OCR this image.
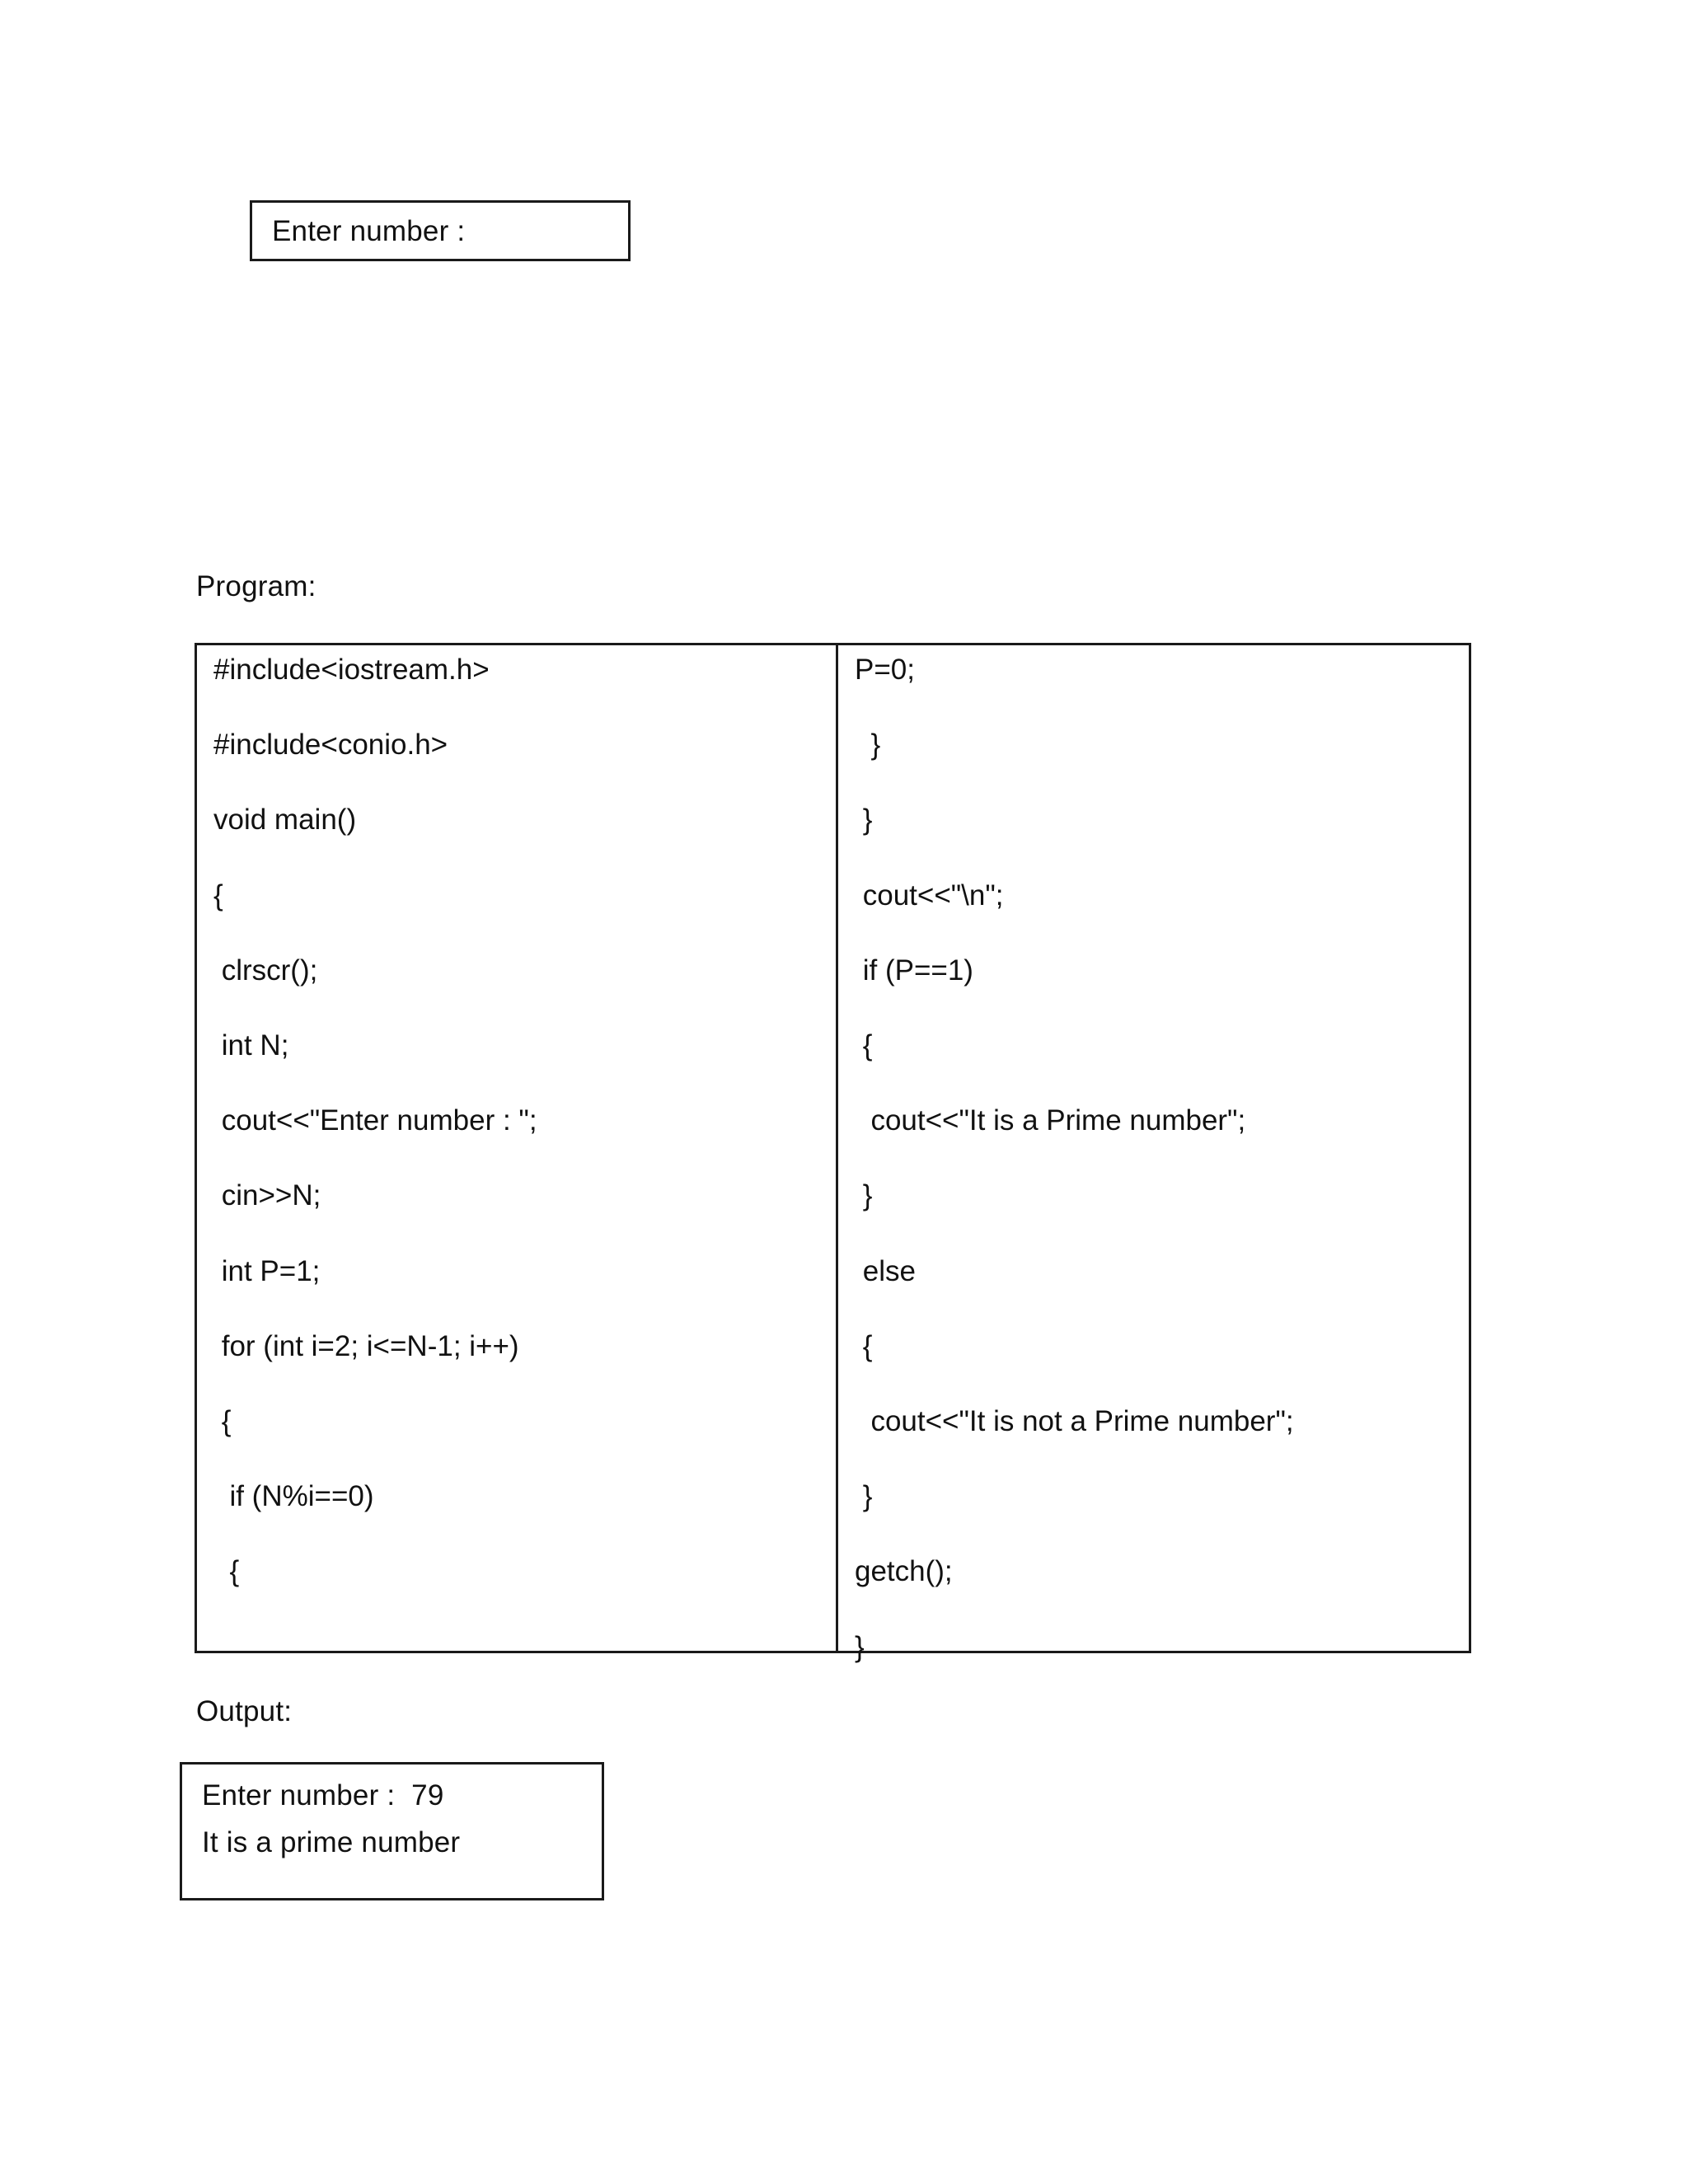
Enter number :
Program:
#include<iostream.h>
#include<conio.h>
void main()
{
clrscr();
int N;
cout<<"Enter number : ";
cin>>N;
int P=1;
for (int i=2; i<=N-1; i++)
{
if (N%i==0)
{
P=0;
}
}
cout<<"\n";
if (P==1)
{
cout<<"It is a Prime number";
}
else
{
cout<<"It is not a Prime number";
}
getch();
}
Output:
Enter number :  79
It is a prime number
